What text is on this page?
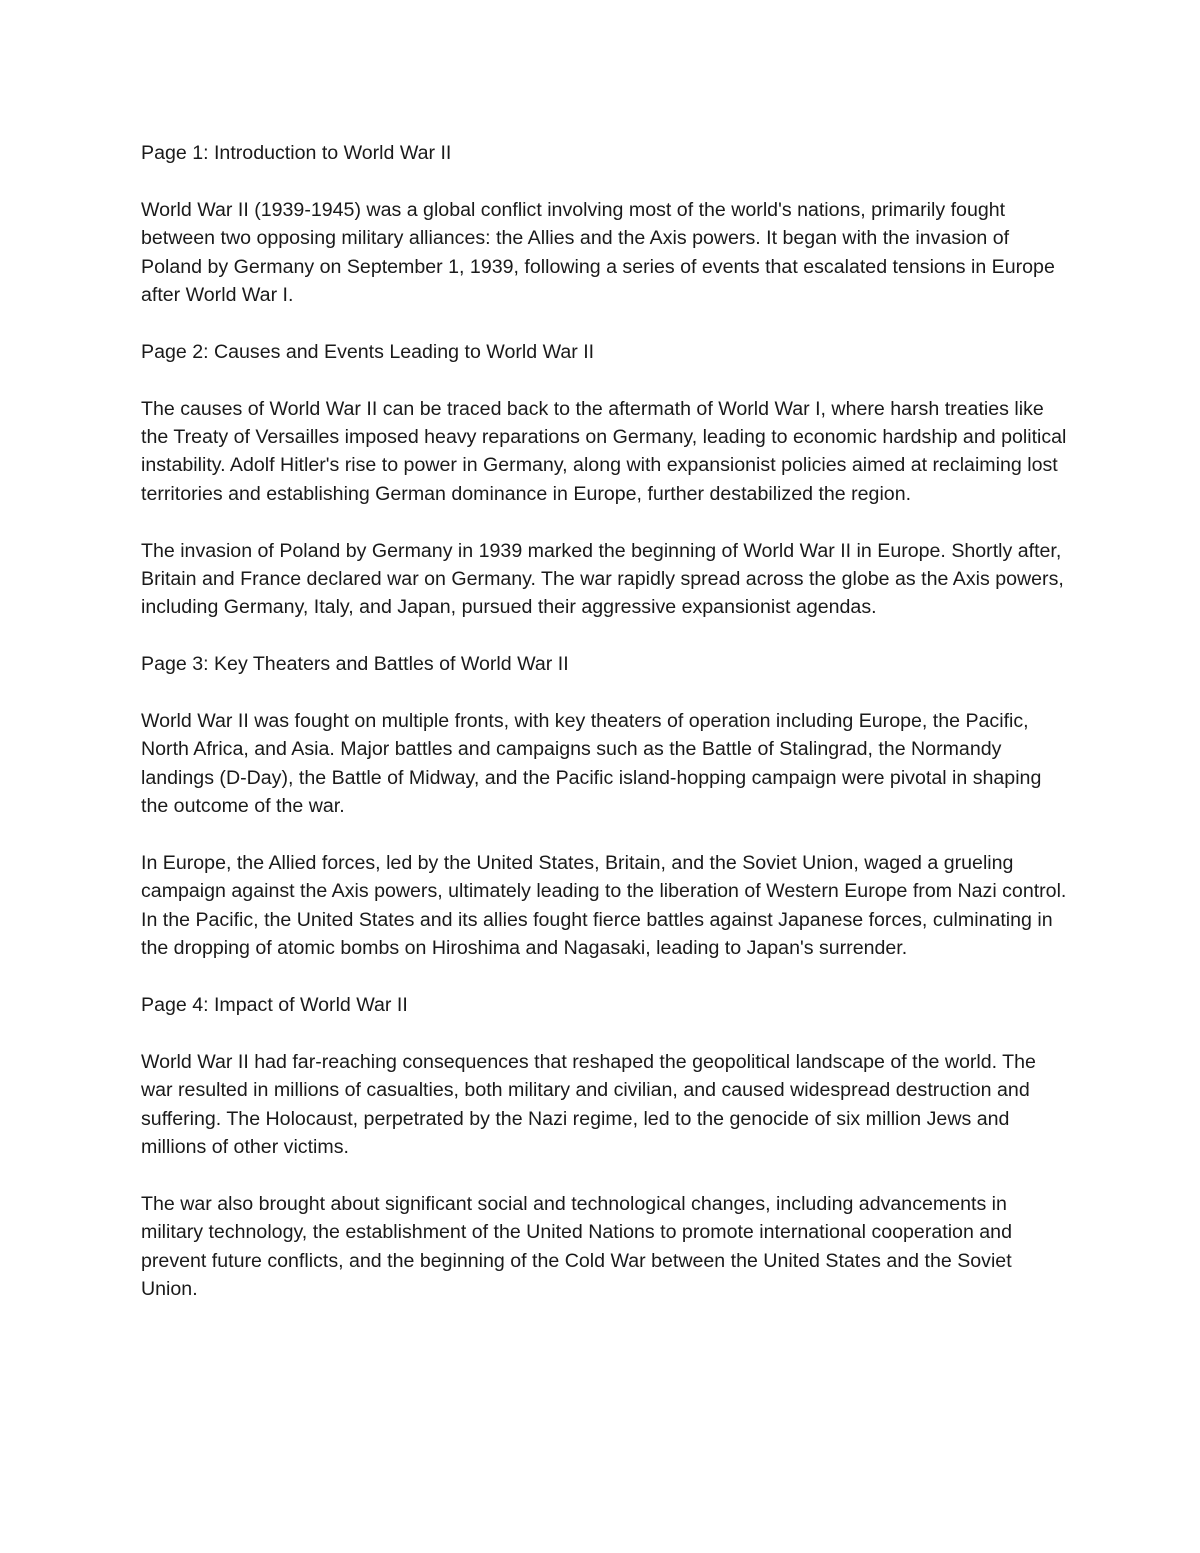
Page 1: Introduction to World War II

World War II (1939-1945) was a global conflict involving most of the world's nations, primarily fought between two opposing military alliances: the Allies and the Axis powers. It began with the invasion of Poland by Germany on September 1, 1939, following a series of events that escalated tensions in Europe after World War I.

Page 2: Causes and Events Leading to World War II

The causes of World War II can be traced back to the aftermath of World War I, where harsh treaties like the Treaty of Versailles imposed heavy reparations on Germany, leading to economic hardship and political instability. Adolf Hitler's rise to power in Germany, along with expansionist policies aimed at reclaiming lost territories and establishing German dominance in Europe, further destabilized the region.

The invasion of Poland by Germany in 1939 marked the beginning of World War II in Europe. Shortly after, Britain and France declared war on Germany. The war rapidly spread across the globe as the Axis powers, including Germany, Italy, and Japan, pursued their aggressive expansionist agendas.

Page 3: Key Theaters and Battles of World War II

World War II was fought on multiple fronts, with key theaters of operation including Europe, the Pacific, North Africa, and Asia. Major battles and campaigns such as the Battle of Stalingrad, the Normandy landings (D-Day), the Battle of Midway, and the Pacific island-hopping campaign were pivotal in shaping the outcome of the war.

In Europe, the Allied forces, led by the United States, Britain, and the Soviet Union, waged a grueling campaign against the Axis powers, ultimately leading to the liberation of Western Europe from Nazi control. In the Pacific, the United States and its allies fought fierce battles against Japanese forces, culminating in the dropping of atomic bombs on Hiroshima and Nagasaki, leading to Japan's surrender.

Page 4: Impact of World War II

World War II had far-reaching consequences that reshaped the geopolitical landscape of the world. The war resulted in millions of casualties, both military and civilian, and caused widespread destruction and suffering. The Holocaust, perpetrated by the Nazi regime, led to the genocide of six million Jews and millions of other victims.

The war also brought about significant social and technological changes, including advancements in military technology, the establishment of the United Nations to promote international cooperation and prevent future conflicts, and the beginning of the Cold War between the United States and the Soviet Union.
